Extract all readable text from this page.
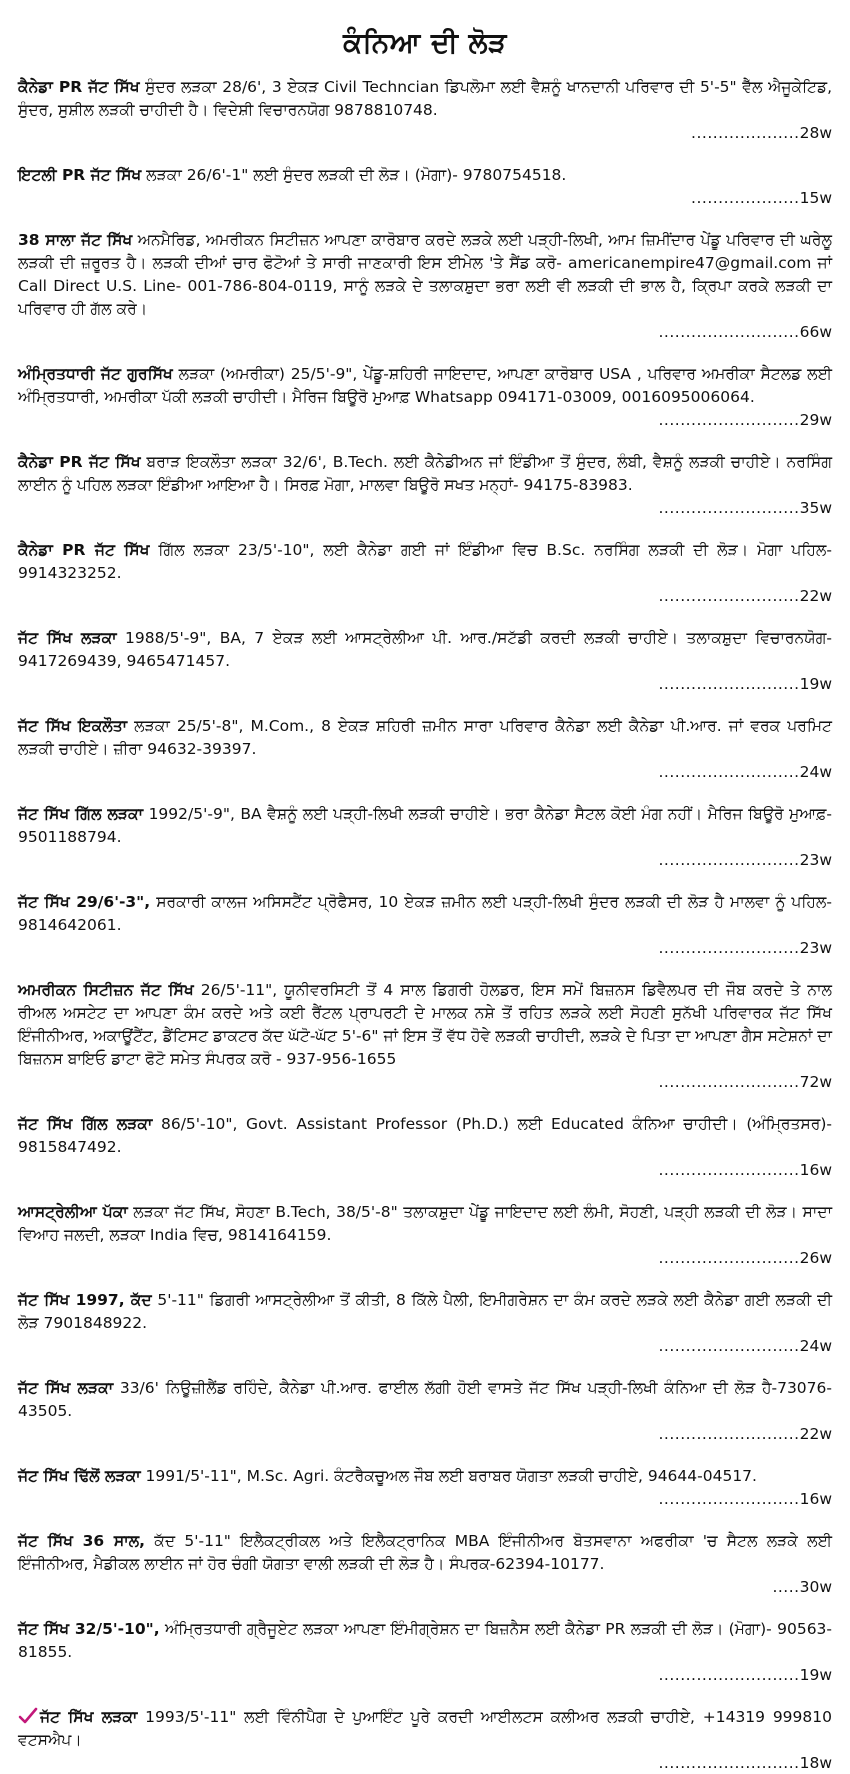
ਕੰਨਿਆ ਦੀ ਲੋੜ

ਕੈਨੇਡਾ PR ਜੱਟ ਸਿੱਖ ਸੁੰਦਰ ਲੜਕਾ 28/6', 3 ਏਕੜ Civil Techncian ਡਿਪਲੋਮਾ ਲਈ ਵੈਸ਼ਨੂੰ ਖਾਨਦਾਨੀ ਪਰਿਵਾਰ ਦੀ 5'-5" ਵੈੱਲ ਐਜੂਕੇਟਿਡ, ਸੁੰਦਰ, ਸੁਸ਼ੀਲ ਲੜਕੀ ਚਾਹੀਦੀ ਹੈ। ਵਿਦੇਸ਼ੀ ਵਿਚਾਰਨਯੋਗ 9878810748.

....................28w

ਇਟਲੀ PR ਜੱਟ ਸਿੱਖ ਲੜਕਾ 26/6'-1" ਲਈ ਸੁੰਦਰ ਲੜਕੀ ਦੀ ਲੋੜ। (ਮੋਗਾ)- 9780754518.

....................15w

38 ਸਾਲਾ ਜੱਟ ਸਿੱਖ ਅਨਮੈਰਿਡ, ਅਮਰੀਕਨ ਸਿਟੀਜ਼ਨ ਆਪਣਾ ਕਾਰੋਬਾਰ ਕਰਦੇ ਲੜਕੇ ਲਈ ਪੜ੍ਹੀ-ਲਿਖੀ, ਆਮ ਜ਼ਿਮੀਂਦਾਰ ਪੇਂਡੂ ਪਰਿਵਾਰ ਦੀ ਘਰੇਲੂ ਲੜਕੀ ਦੀ ਜ਼ਰੂਰਤ ਹੈ। ਲੜਕੀ ਦੀਆਂ ਚਾਰ ਫੋਟੋਆਂ ਤੇ ਸਾਰੀ ਜਾਣਕਾਰੀ ਇਸ ਈਮੇਲ 'ਤੇ ਸੈਂਡ ਕਰੋ- americanempire47@gmail.com ਜਾਂ Call Direct U.S. Line- 001-786-804-0119, ਸਾਨੂੰ ਲੜਕੇ ਦੇ ਤਲਾਕਸ਼ੁਦਾ ਭਰਾ ਲਈ ਵੀ ਲੜਕੀ ਦੀ ਭਾਲ ਹੈ, ਕ੍ਰਿਪਾ ਕਰਕੇ ਲੜਕੀ ਦਾ ਪਰਿਵਾਰ ਹੀ ਗੱਲ ਕਰੇ।

..........................66w

ਅੰਮ੍ਰਿਤਧਾਰੀ ਜੱਟ ਗੁਰਸਿੱਖ ਲੜਕਾ (ਅਮਰੀਕਾ) 25/5'-9", ਪੇਂਡੂ-ਸ਼ਹਿਰੀ ਜਾਇਦਾਦ, ਆਪਣਾ ਕਾਰੋਬਾਰ USA , ਪਰਿਵਾਰ ਅਮਰੀਕਾ ਸੈਟਲਡ ਲਈ ਅੰਮ੍ਰਿਤਧਾਰੀ, ਅਮਰੀਕਾ ਪੱਕੀ ਲੜਕੀ ਚਾਹੀਦੀ। ਮੈਰਿਜ ਬਿਊਰੋ ਮੁਆਫ਼ Whatsapp 094171-03009, 0016095006064.

..........................29w

ਕੈਨੇਡਾ PR ਜੱਟ ਸਿੱਖ ਬਰਾੜ ਇਕਲੌਤਾ ਲੜਕਾ 32/6', B.Tech. ਲਈ ਕੈਨੇਡੀਅਨ ਜਾਂ ਇੰਡੀਆ ਤੋਂ ਸੁੰਦਰ, ਲੰਬੀ, ਵੈਸ਼ਨੂੰ ਲੜਕੀ ਚਾਹੀਏ। ਨਰਸਿੰਗ ਲਾਈਨ ਨੂੰ ਪਹਿਲ ਲੜਕਾ ਇੰਡੀਆ ਆਇਆ ਹੈ। ਸਿਰਫ਼ ਮੋਗਾ, ਮਾਲਵਾ ਬਿਊਰੋ ਸਖਤ ਮਨ੍ਹਾਂ- 94175-83983.

..........................35w

ਕੈਨੇਡਾ PR ਜੱਟ ਸਿੱਖ ਗਿੱਲ ਲੜਕਾ 23/5'-10", ਲਈ ਕੈਨੇਡਾ ਗਈ ਜਾਂ ਇੰਡੀਆ ਵਿਚ B.Sc. ਨਰਸਿੰਗ ਲੜਕੀ ਦੀ ਲੋੜ। ਮੋਗਾ ਪਹਿਲ- 9914323252.

..........................22w

ਜੱਟ ਸਿੱਖ ਲੜਕਾ 1988/5'-9", BA, 7 ਏਕੜ ਲਈ ਆਸਟ੍ਰੇਲੀਆ ਪੀ. ਆਰ./ਸਟੱਡੀ ਕਰਦੀ ਲੜਕੀ ਚਾਹੀਏ। ਤਲਾਕਸ਼ੁਦਾ ਵਿਚਾਰਨਯੋਗ- 9417269439, 9465471457.

..........................19w

ਜੱਟ ਸਿੱਖ ਇਕਲੌਤਾ ਲੜਕਾ 25/5'-8", M.Com., 8 ਏਕੜ ਸ਼ਹਿਰੀ ਜ਼ਮੀਨ ਸਾਰਾ ਪਰਿਵਾਰ ਕੈਨੇਡਾ ਲਈ ਕੈਨੇਡਾ ਪੀ.ਆਰ. ਜਾਂ ਵਰਕ ਪਰਮਿਟ ਲੜਕੀ ਚਾਹੀਏ। ਜ਼ੀਰਾ 94632-39397.

..........................24w

ਜੱਟ ਸਿੱਖ ਗਿੱਲ ਲੜਕਾ 1992/5'-9", BA ਵੈਸ਼ਨੂੰ ਲਈ ਪੜ੍ਹੀ-ਲਿਖੀ ਲੜਕੀ ਚਾਹੀਏ। ਭਰਾ ਕੈਨੇਡਾ ਸੈਟਲ ਕੋਈ ਮੰਗ ਨਹੀਂ। ਮੈਰਿਜ ਬਿਊਰੋ ਮੁਆਫ਼- 9501188794.

..........................23w

ਜੱਟ ਸਿੱਖ 29/6'-3", ਸਰਕਾਰੀ ਕਾਲਜ ਅਸਿਸਟੈਂਟ ਪ੍ਰੋਫੈਸਰ, 10 ਏਕੜ ਜ਼ਮੀਨ ਲਈ ਪੜ੍ਹੀ-ਲਿਖੀ ਸੁੰਦਰ ਲੜਕੀ ਦੀ ਲੋੜ ਹੈ ਮਾਲਵਾ ਨੂੰ ਪਹਿਲ- 9814642061.

..........................23w

ਅਮਰੀਕਨ ਸਿਟੀਜ਼ਨ ਜੱਟ ਸਿੱਖ 26/5'-11", ਯੂਨੀਵਰਸਿਟੀ ਤੋਂ 4 ਸਾਲ ਡਿਗਰੀ ਹੋਲਡਰ, ਇਸ ਸਮੇਂ ਬਿਜ਼ਨਸ ਡਿਵੈਲਪਰ ਦੀ ਜੌਬ ਕਰਦੇ ਤੇ ਨਾਲ ਰੀਅਲ ਅਸਟੇਟ ਦਾ ਆਪਣਾ ਕੰਮ ਕਰਦੇ ਅਤੇ ਕਈ ਰੈਂਟਲ ਪ੍ਰਾਪਰਟੀ ਦੇ ਮਾਲਕ ਨਸ਼ੇ ਤੋਂ ਰਹਿਤ ਲੜਕੇ ਲਈ ਸੋਹਣੀ ਸੁਨੱਖੀ ਪਰਿਵਾਰਕ ਜੱਟ ਸਿੱਖ ਇੰਜੀਨੀਅਰ, ਅਕਾਊਂਟੈਂਟ, ਡੈਂਟਿਸਟ ਡਾਕਟਰ ਕੱਦ ਘੱਟੋ-ਘੱਟ 5'-6" ਜਾਂ ਇਸ ਤੋਂ ਵੱਧ ਹੋਵੇ ਲੜਕੀ ਚਾਹੀਦੀ, ਲੜਕੇ ਦੇ ਪਿਤਾ ਦਾ ਆਪਣਾ ਗੈਸ ਸਟੇਸ਼ਨਾਂ ਦਾ ਬਿਜ਼ਨਸ ਬਾਇਓ ਡਾਟਾ ਫੋਟੋ ਸਮੇਤ ਸੰਪਰਕ ਕਰੋ - 937-956-1655

..........................72w

ਜੱਟ ਸਿੱਖ ਗਿੱਲ ਲੜਕਾ 86/5'-10", Govt. Assistant Professor (Ph.D.) ਲਈ Educated ਕੰਨਿਆ ਚਾਹੀਦੀ। (ਅੰਮ੍ਰਿਤਸਰ)- 9815847492.

..........................16w

ਆਸਟ੍ਰੇਲੀਆ ਪੱਕਾ ਲੜਕਾ ਜੱਟ ਸਿੱਖ, ਸੋਹਣਾ B.Tech, 38/5'-8" ਤਲਾਕਸ਼ੁਦਾ ਪੇਂਡੂ ਜਾਇਦਾਦ ਲਈ ਲੰਮੀ, ਸੋਹਣੀ, ਪੜ੍ਹੀ ਲੜਕੀ ਦੀ ਲੋੜ। ਸਾਦਾ ਵਿਆਹ ਜਲਦੀ, ਲੜਕਾ India ਵਿਚ, 9814164159.

..........................26w

ਜੱਟ ਸਿੱਖ 1997, ਕੱਦ 5'-11" ਡਿਗਰੀ ਆਸਟ੍ਰੇਲੀਆ ਤੋਂ ਕੀਤੀ, 8 ਕਿੱਲੇ ਪੈਲੀ, ਇਮੀਗਰੇਸ਼ਨ ਦਾ ਕੰਮ ਕਰਦੇ ਲੜਕੇ ਲਈ ਕੈਨੇਡਾ ਗਈ ਲੜਕੀ ਦੀ ਲੋੜ 7901848922.

..........................24w

ਜੱਟ ਸਿੱਖ ਲੜਕਾ 33/6' ਨਿਊਜ਼ੀਲੈਂਡ ਰਹਿੰਦੇ, ਕੈਨੇਡਾ ਪੀ.ਆਰ. ਫਾਈਲ ਲੱਗੀ ਹੋਈ ਵਾਸਤੇ ਜੱਟ ਸਿੱਖ ਪੜ੍ਹੀ-ਲਿਖੀ ਕੰਨਿਆ ਦੀ ਲੋੜ ਹੈ-73076-43505.

..........................22w

ਜੱਟ ਸਿੱਖ ਢਿੱਲੋਂ ਲੜਕਾ 1991/5'-11", M.Sc. Agri. ਕੰਟਰੈਕਚੂਅਲ ਜੌਬ ਲਈ ਬਰਾਬਰ ਯੋਗਤਾ ਲੜਕੀ ਚਾਹੀਏ, 94644-04517.

..........................16w

ਜੱਟ ਸਿੱਖ 36 ਸਾਲ, ਕੱਦ 5'-11" ਇਲੈਕਟ੍ਰੀਕਲ ਅਤੇ ਇਲੈਕਟ੍ਰਾਨਿਕ MBA ਇੰਜੀਨੀਅਰ ਬੋਤਸਵਾਨਾ ਅਫਰੀਕਾ 'ਚ ਸੈਟਲ ਲੜਕੇ ਲਈ ਇੰਜੀਨੀਅਰ, ਮੈਡੀਕਲ ਲਾਈਨ ਜਾਂ ਹੋਰ ਚੰਗੀ ਯੋਗਤਾ ਵਾਲੀ ਲੜਕੀ ਦੀ ਲੋੜ ਹੈ। ਸੰਪਰਕ-62394-10177.

.....30w

ਜੱਟ ਸਿੱਖ 32/5'-10", ਅੰਮ੍ਰਿਤਧਾਰੀ ਗ੍ਰੈਜੂਏਟ ਲੜਕਾ ਆਪਣਾ ਇੰਮੀਗ੍ਰੇਸ਼ਨ ਦਾ ਬਿਜ਼ਨੈਸ ਲਈ ਕੈਨੇਡਾ PR ਲੜਕੀ ਦੀ ਲੋੜ। (ਮੋਗਾ)- 90563-81855.

..........................19w

ਜੱਟ ਸਿੱਖ ਲੜਕਾ 1993/5'-11" ਲਈ ਵਿੰਨੀਪੈਗ ਦੇ ਪੁਆਇੰਟ ਪੂਰੇ ਕਰਦੀ ਆਈਲਟਸ ਕਲੀਅਰ ਲੜਕੀ ਚਾਹੀਏ, +14319 999810 ਵਟਸਐਪ।

..........................18w
